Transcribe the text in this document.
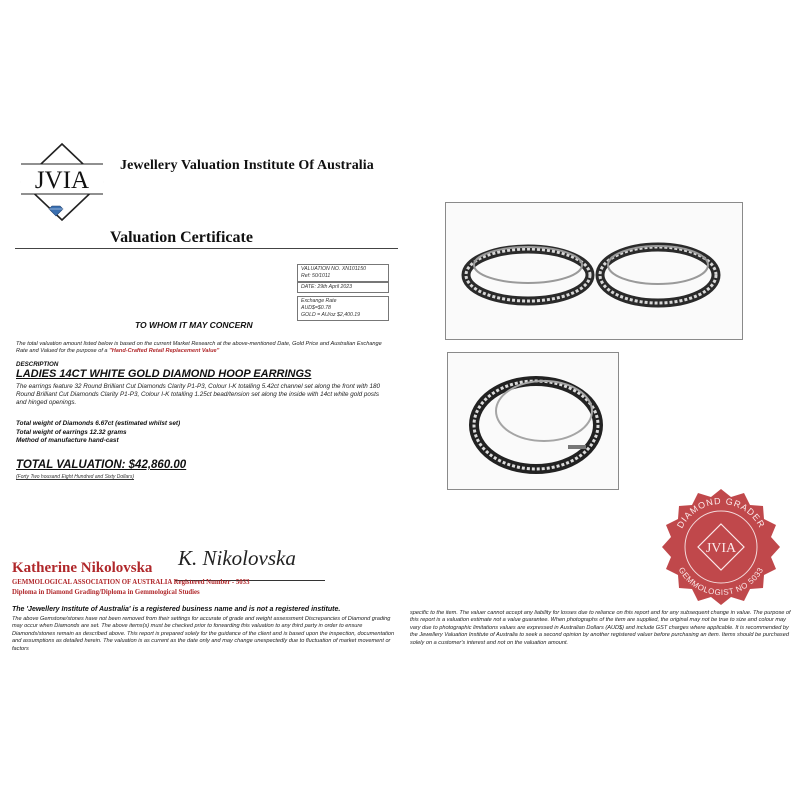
JVIA
Jewellery Valuation Institute Of Australia
Valuation Certificate
VALUATION NO. XN101150
Ref: 50/1011
DATE: 29th April 2023
Exchange Rate
AUD$=$0.78
GOLD = AU/oz $2,400.19
TO WHOM IT MAY CONCERN
The total valuation amount listed below is based on the current Market Research at the above-mentioned Date, Gold Price and Australian Exchange Rate and Valued for the purpose of a "Hand-Crafted Retail Replacement Value"
DESCRIPTION
LADIES 14CT WHITE GOLD DIAMOND HOOP EARRINGS
The earrings feature 32 Round Brilliant Cut Diamonds Clarity P1-P3, Colour I-K totalling 5.42ct channel set along the front with 180 Round Brilliant Cut Diamonds Clarity P1-P3, Colour I-K totalling 1.25ct bead/tension set along the inside with 14ct white gold posts and hinged openings.
Total weight of Diamonds 6.67ct (estimated whilst set)
Total weight of earrings 12.32 grams
Method of manufacture hand-cast
TOTAL VALUATION: $42,860.00
(Forty Two housand Eight Hundred and Sixty Dollars)
DIAMOND GRADER
GEMMOLOGIST NO 5033
JVIA
Katherine Nikolovska K. Nikolovska
GEMMOLOGICAL ASSOCIATION OF AUSTRALIA Registered Number - 5033
Diploma in Diamond Grading/Diploma in Gemmological Studies
The 'Jewellery Institute of Australia' is a registered business name and is not a registered institute.
The above Gemstone/stones have not been removed from their settings for accurate of grade and weight assessment Discrepancies of Diamond grading may occur when Diamonds are set. The above items(s) must be checked prior to forwarding this valuation to any third party in order to ensure Diamonds/stones remain as described above. This report is prepared solely for the guidance of the client and is based upon the inspection, documentation and assumptions as detailed herein. The valuation is as current as the date only and may change unexpectedly due to fluctuation of market movement or factors
specific to the item. The valuer cannot accept any liability for losses due to reliance on this report and for any subsequent change in value. The purpose of this report is a valuation estimate not a value guarantee. When photographs of the item are supplied, the original may not be true to size and colour may vary due to photographic limitations values are expressed in Australian Dollars (AUD$) and include GST charges where applicable. It is recommended by the Jewellery Valuation Institute of Australia to seek a second opinion by another registered valuer before purchasing an item. Items should be purchased solely on a customer's interest and not on the valuation amount.
